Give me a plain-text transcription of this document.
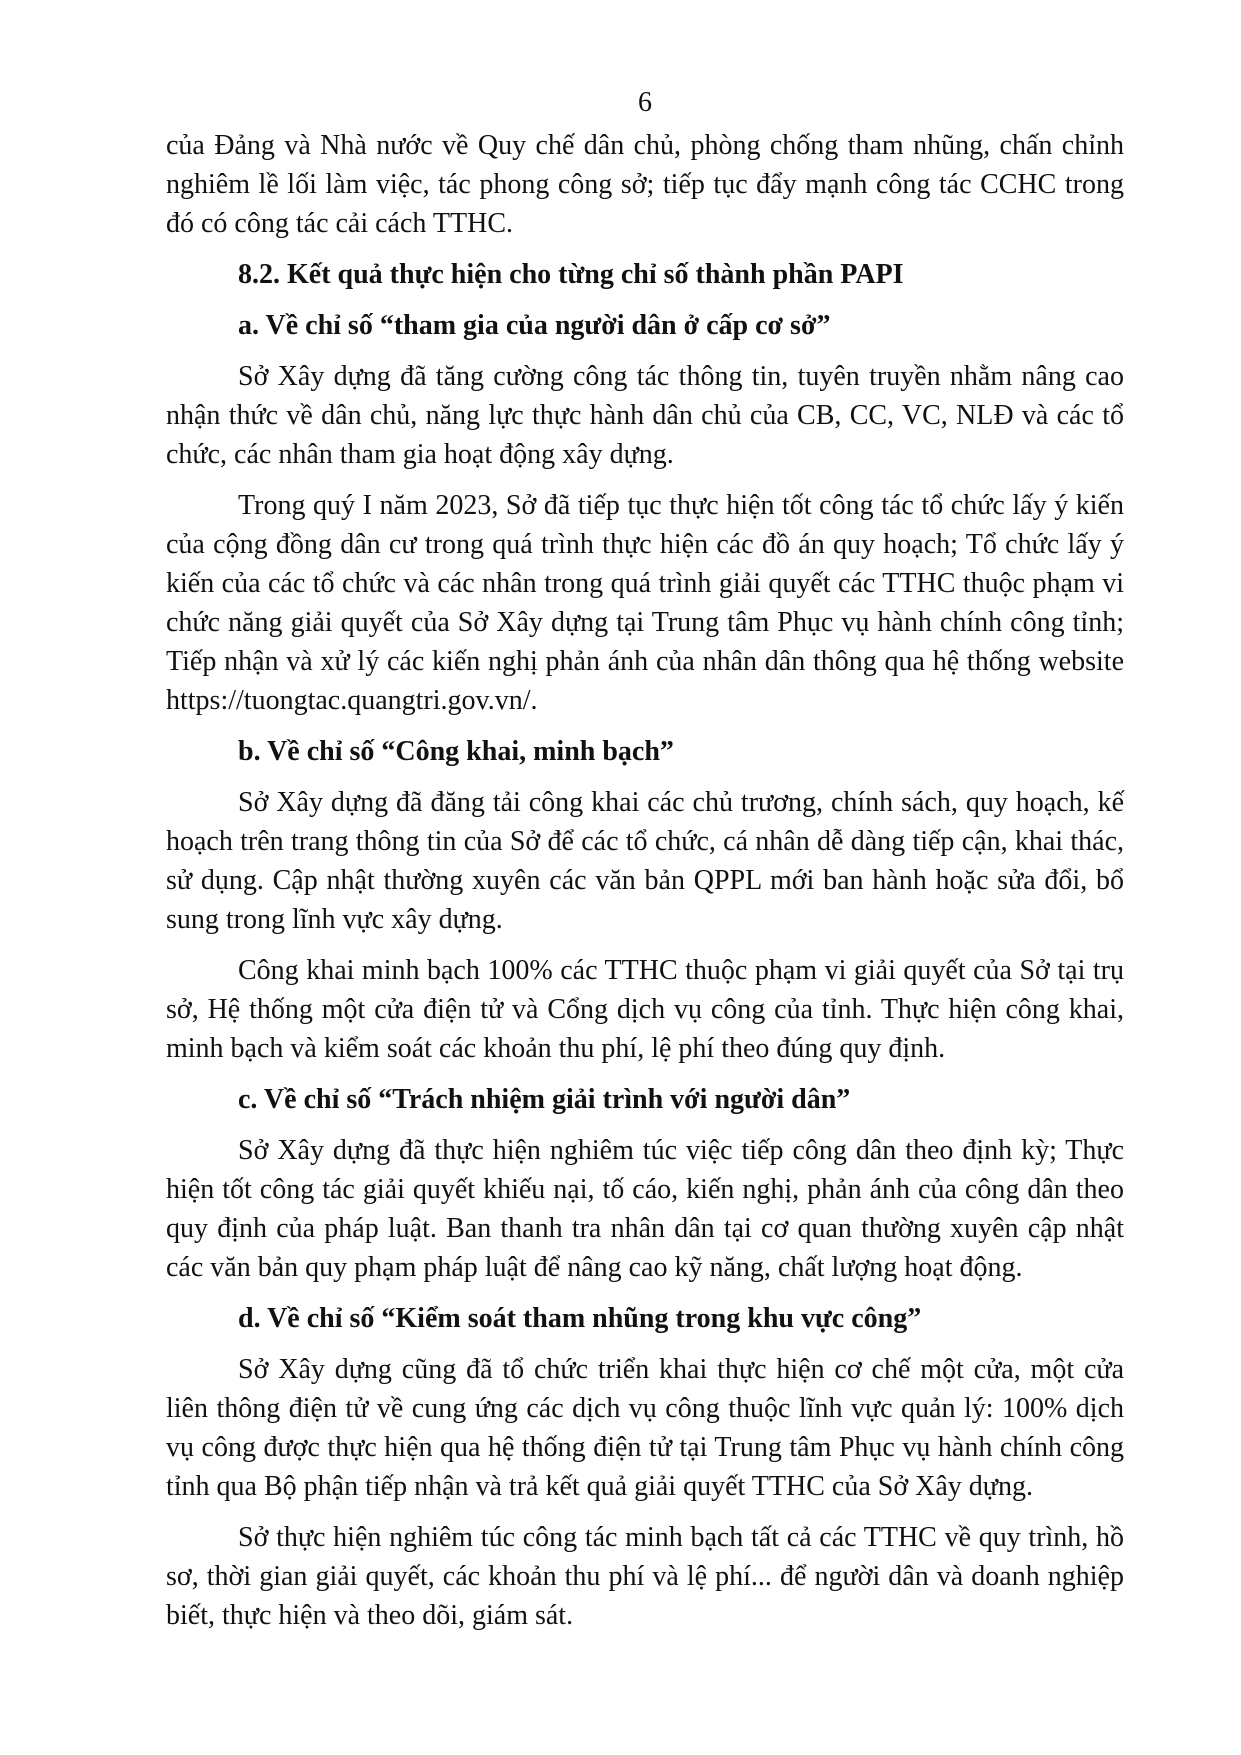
6

của Đảng và Nhà nước về Quy chế dân chủ, phòng chống tham nhũng, chấn chỉnh nghiêm lề lối làm việc, tác phong công sở; tiếp tục đẩy mạnh công tác CCHC trong đó có công tác cải cách TTHC.

8.2. Kết quả thực hiện cho từng chỉ số thành phần PAPI

a. Về chỉ số “tham gia của người dân ở cấp cơ sở”

Sở Xây dựng đã tăng cường công tác thông tin, tuyên truyền nhằm nâng cao nhận thức về dân chủ, năng lực thực hành dân chủ của CB, CC, VC, NLĐ và các tổ chức, các nhân tham gia hoạt động xây dựng.

Trong quý I năm 2023, Sở đã tiếp tục thực hiện tốt công tác tổ chức lấy ý kiến của cộng đồng dân cư trong quá trình thực hiện các đồ án quy hoạch; Tổ chức lấy ý kiến của các tổ chức và các nhân trong quá trình giải quyết các TTHC thuộc phạm vi chức năng giải quyết của Sở Xây dựng tại Trung tâm Phục vụ hành chính công tỉnh; Tiếp nhận và xử lý các kiến nghị phản ánh của nhân dân thông qua hệ thống website https://tuongtac.quangtri.gov.vn/.

b. Về chỉ số “Công khai, minh bạch”

Sở Xây dựng đã đăng tải công khai các chủ trương, chính sách, quy hoạch, kế hoạch trên trang thông tin của Sở để các tổ chức, cá nhân dễ dàng tiếp cận, khai thác, sử dụng. Cập nhật thường xuyên các văn bản QPPL mới ban hành hoặc sửa đổi, bổ sung trong lĩnh vực xây dựng.

Công khai minh bạch 100% các TTHC thuộc phạm vi giải quyết của Sở tại trụ sở, Hệ thống một cửa điện tử và Cổng dịch vụ công của tỉnh. Thực hiện công khai, minh bạch và kiểm soát các khoản thu phí, lệ phí theo đúng quy định.

c. Về chỉ số “Trách nhiệm giải trình với người dân”

Sở Xây dựng đã thực hiện nghiêm túc việc tiếp công dân theo định kỳ; Thực hiện tốt công tác giải quyết khiếu nại, tố cáo, kiến nghị, phản ánh của công dân theo quy định của pháp luật. Ban thanh tra nhân dân tại cơ quan thường xuyên cập nhật các văn bản quy phạm pháp luật để nâng cao kỹ năng, chất lượng hoạt động.

d. Về chỉ số “Kiểm soát tham nhũng trong khu vực công”

Sở Xây dựng cũng đã tổ chức triển khai thực hiện cơ chế một cửa, một cửa liên thông điện tử về cung ứng các dịch vụ công thuộc lĩnh vực quản lý: 100% dịch vụ công được thực hiện qua hệ thống điện tử tại Trung tâm Phục vụ hành chính công tỉnh qua Bộ phận tiếp nhận và trả kết quả giải quyết TTHC của Sở Xây dựng.

Sở thực hiện nghiêm túc công tác minh bạch tất cả các TTHC về quy trình, hồ sơ, thời gian giải quyết, các khoản thu phí và lệ phí... để người dân và doanh nghiệp biết, thực hiện và theo dõi, giám sát.
